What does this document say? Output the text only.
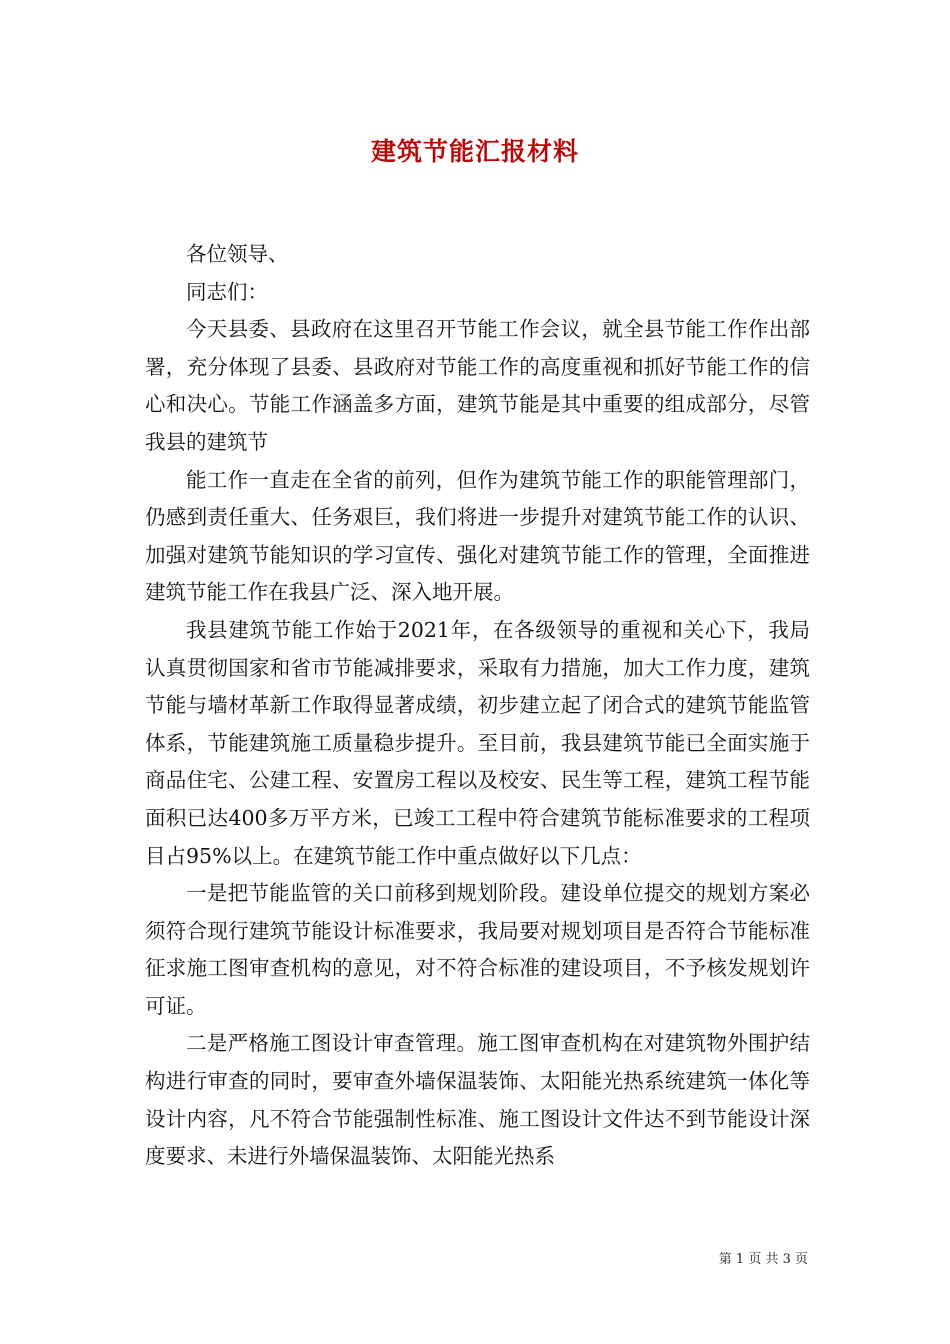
建筑节能汇报材料

各位领导、

同志们：

今天县委、县政府在这里召开节能工作会议，就全县节能工作作出部署，充分体现了县委、县政府对节能工作的高度重视和抓好节能工作的信心和决心。节能工作涵盖多方面，建筑节能是其中重要的组成部分，尽管我县的建筑节

能工作一直走在全省的前列，但作为建筑节能工作的职能管理部门，仍感到责任重大、任务艰巨，我们将进一步提升对建筑节能工作的认识、加强对建筑节能知识的学习宣传、强化对建筑节能工作的管理，全面推进建筑节能工作在我县广泛、深入地开展。

我县建筑节能工作始于2021年，在各级领导的重视和关心下，我局认真贯彻国家和省市节能减排要求，采取有力措施，加大工作力度，建筑节能与墙材革新工作取得显著成绩，初步建立起了闭合式的建筑节能监管体系，节能建筑施工质量稳步提升。至目前，我县建筑节能已全面实施于商品住宅、公建工程、安置房工程以及校安、民生等工程，建筑工程节能面积已达400多万平方米，已竣工工程中符合建筑节能标准要求的工程项目占95%以上。在建筑节能工作中重点做好以下几点：

一是把节能监管的关口前移到规划阶段。建设单位提交的规划方案必须符合现行建筑节能设计标准要求，我局要对规划项目是否符合节能标准征求施工图审查机构的意见，对不符合标准的建设项目，不予核发规划许可证。

二是严格施工图设计审查管理。施工图审查机构在对建筑物外围护结构进行审查的同时，要审查外墙保温装饰、太阳能光热系统建筑一体化等设计内容，凡不符合节能强制性标准、施工图设计文件达不到节能设计深度要求、未进行外墙保温装饰、太阳能光热系

第 1 页 共 3 页
